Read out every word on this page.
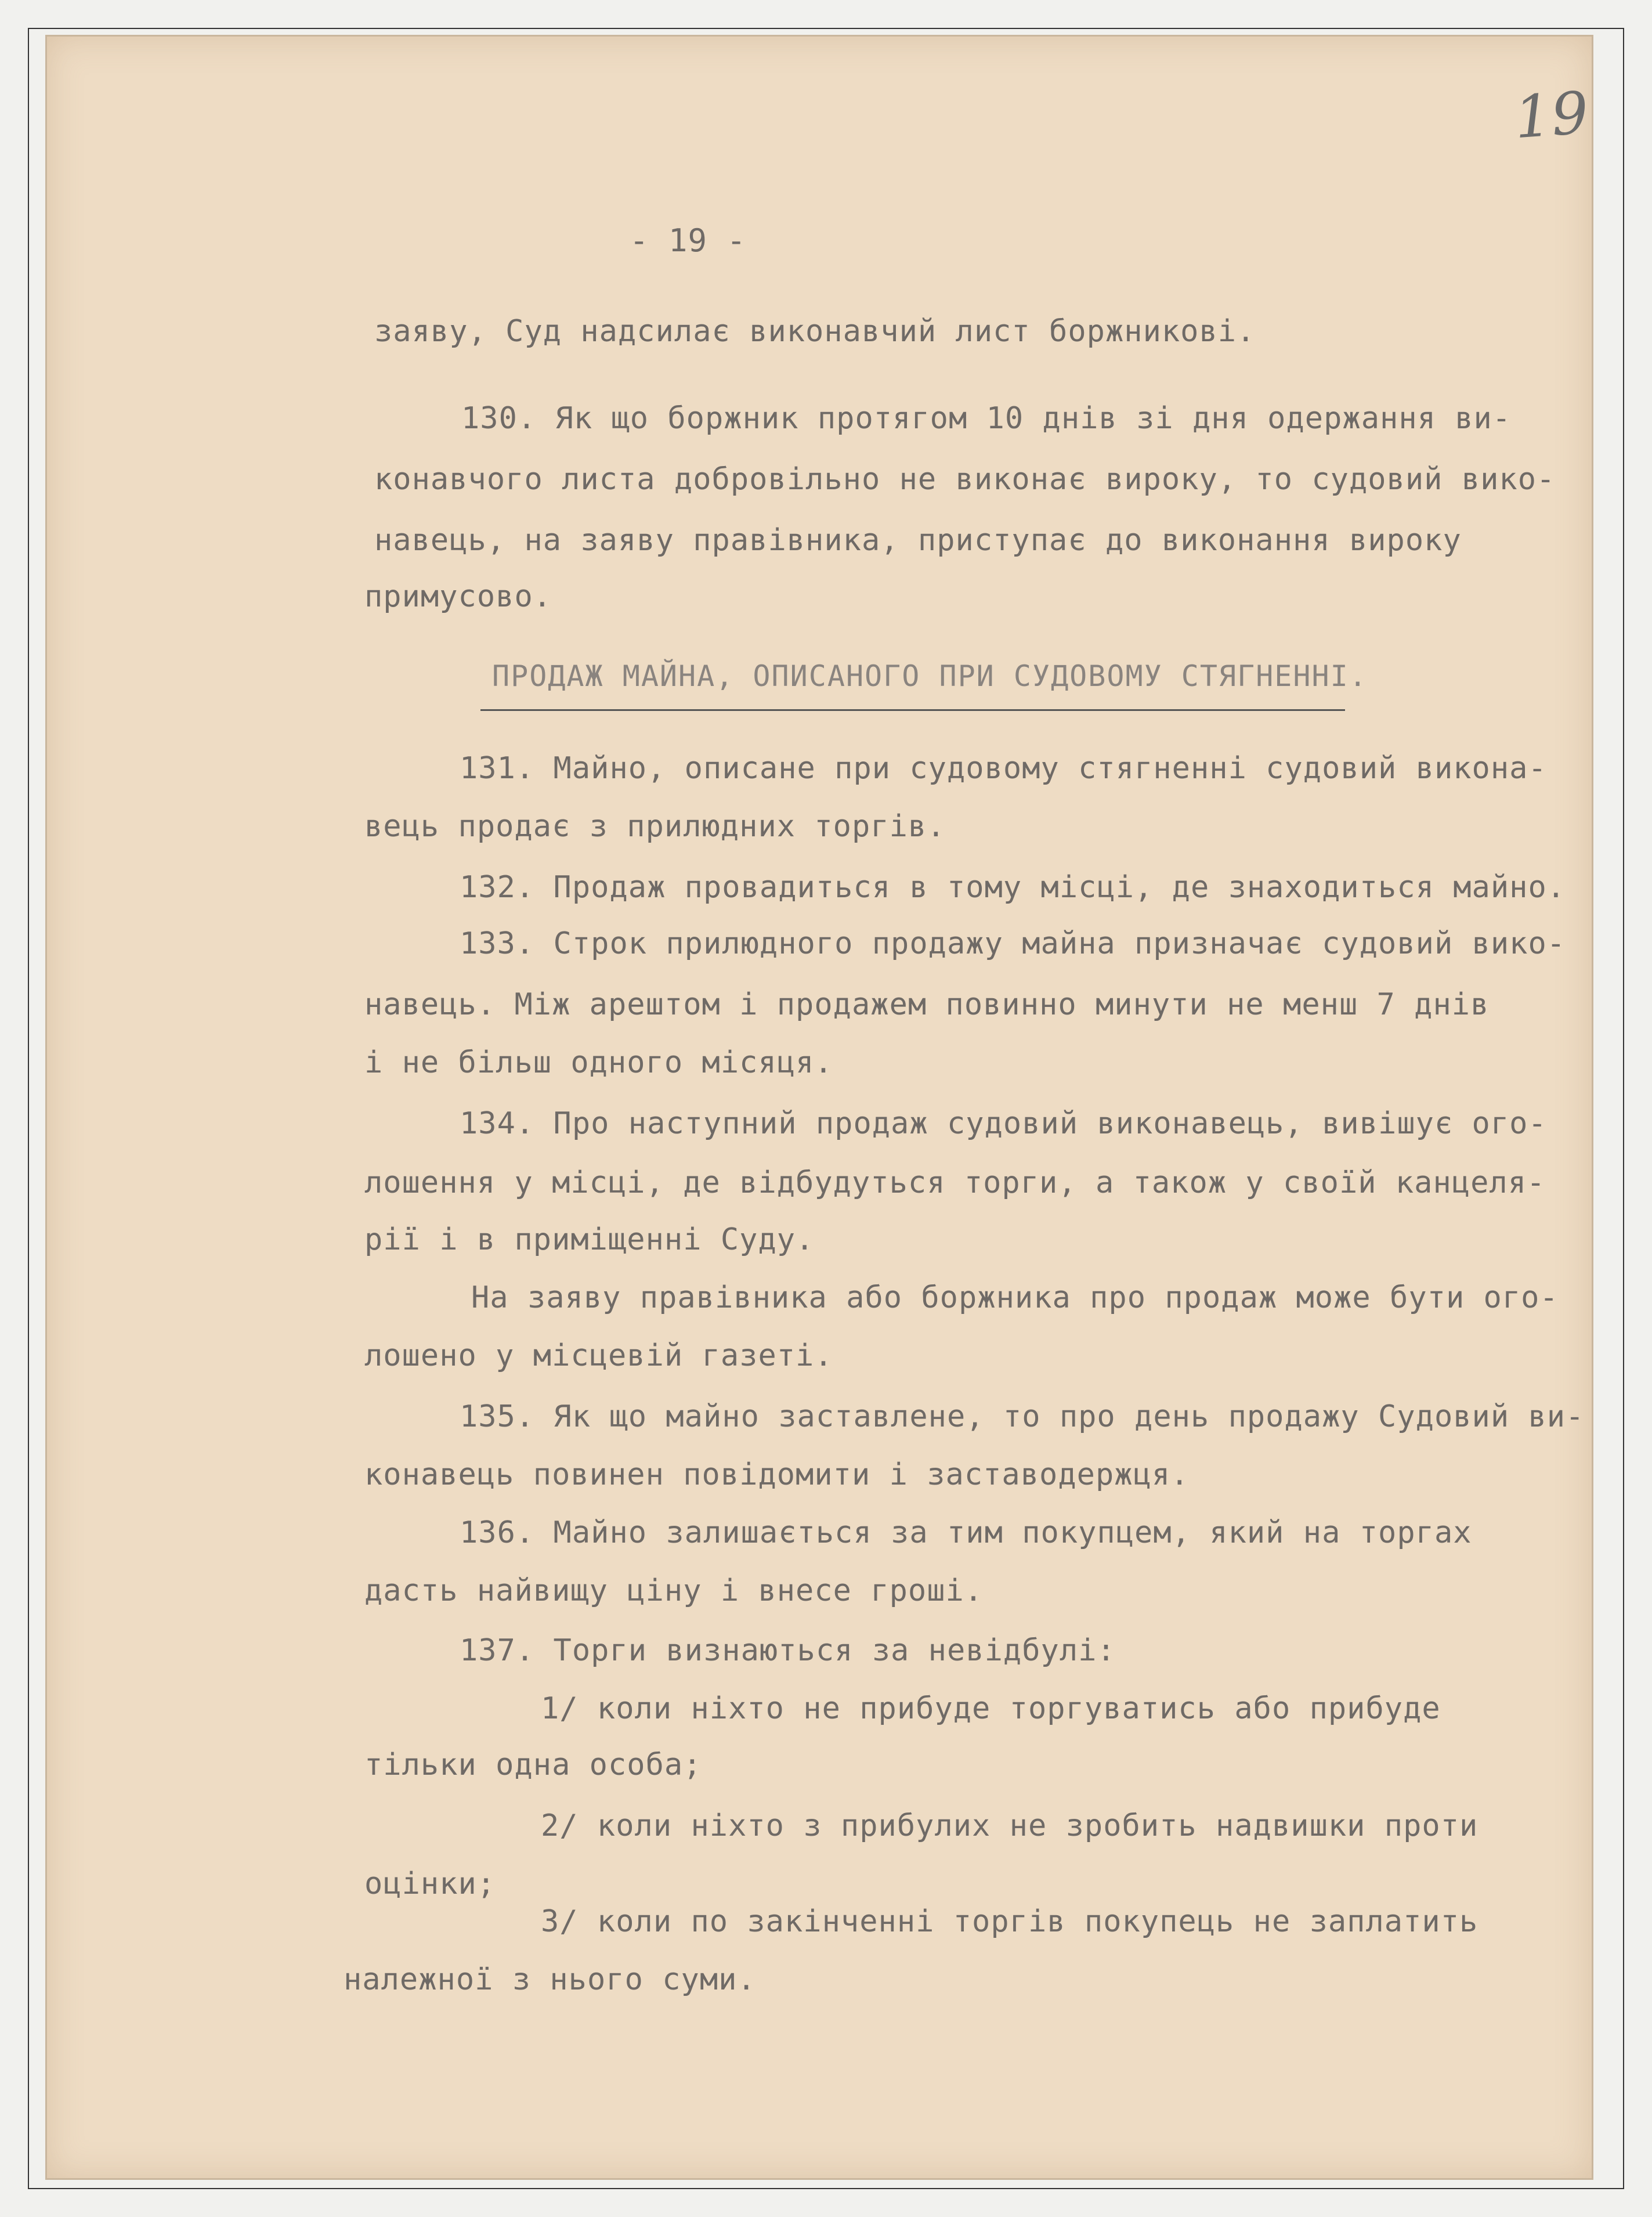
19
- 19 -
заяву, Суд надсилає виконавчий лист боржникові.
130. Як що боржник протягом 10 днів зі дня одержання ви-
конавчого листа добровільно не виконає вироку, то судовий вико-
навець, на заяву правівника, приступає до виконання вироку
примусово.
ПРОДАЖ МАЙНА, ОПИСАНОГО ПРИ СУДОВОМУ СТЯГНЕННІ.
131. Майно, описане при судовому стягненні судовий викона-
вець продає з прилюдних торгів.
132. Продаж провадиться в тому місці, де знаходиться майно.
133. Строк прилюдного продажу майна призначає судовий вико-
навець. Між арештом і продажем повинно минути не менш 7 днів
і не більш одного місяця.
134. Про наступний продаж судовий виконавець, вивішує ого-
лошення у місці, де відбудуться торги, а також у своїй канцеля-
рії і в приміщенні Суду.
На заяву правівника або боржника про продаж може бути ого-
лошено у місцевій газеті.
135. Як що майно заставлене, то про день продажу Судовий ви-
конавець повинен повідомити і заставодержця.
136. Майно залишається за тим покупцем, який на торгах
дасть найвищу ціну і внесе гроші.
137. Торги визнаються за невідбулі:
1/ коли ніхто не прибуде торгуватись або прибуде
тільки одна особа;
2/ коли ніхто з прибулих не зробить надвишки проти
оцінки;
3/ коли по закінченні торгів покупець не заплатить
належної з нього суми.
